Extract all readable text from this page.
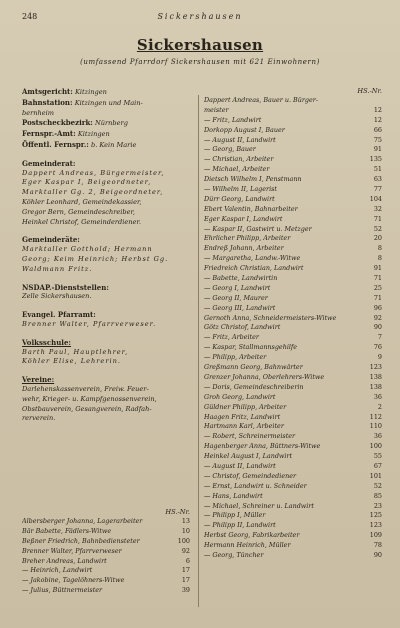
248	Sickershausen
Sickershausen
(umfassend Pfarrdorf Sickershausen mit 621 Einwohnern)
Amtsgericht: Kitzingen
Bahnstation: Kitzingen und Main-
bernheim
Postscheckbezirk: Nürnberg
Fernspr.-Amt: Kitzingen
Öffentl. Fernspr.: b. Kein Marie
Gemeinderat:
Dappert Andreas, Bürgermeister,
Eger Kaspar I, Beigeordneter,
Marktaller Gg. 2, Beigeordneter,
Köhler Leonhard, Gemeindekassier,
Gregor Bern, Gemeindeschreiber,
Heinkel Christof, Gemeinderdiener.
Gemeinderäte:
Marktaller Gotthold; Hermann
Georg; Keim Heinrich; Herbst Gg.
Waldmann Fritz.
NSDAP.-Dienststellen:
Zelle Sickershausen.
Evangel. Pfarramt:
Brenner Walter, Pfarrverweser.
Volksschule:
Barth Paul, Hauptlehrer,
Köhler Elise, Lehrerin.
Vereine:
Darlehenskassenverein, Freiw. Feuer-
wehr, Krieger- u. Kampfgenossenverein,
Obstbauverein, Gesangverein, Radfah-
rerverein.
HS.-Nr.
Dappert Andreas, Bauer u. Bürger-
meister	12
— Fritz, Landwirt	12
Dorkopp August I, Bauer	66
— August II, Landwirt	75
— Georg, Bauer	91
— Christian, Arbeiter	135
— Michael, Arbeiter	51
Dietsch Wilhelm I, Penstmann	63
— Wilhelm II, Lagerist	77
Dürr Georg, Landwirt	104
Ebert Valentin, Bahnarbeiter	32
Eger Kaspar I, Landwirt	71
— Kaspar II, Gastwirt u. Metzger	52
Ehrlicher Philipp, Arbeiter	20
Endreß Johann, Arbeiter	8
— Margaretha, Landw.-Witwe	8
Friedreich Christian, Landwirt	91
— Babette, Landwirtin	71
— Georg I, Landwirt	25
— Georg II, Maurer	71
— Georg III, Landwirt	96
Gernoth Anna, Schneidermeisters-Witwe	92
Götz Christof, Landwirt	90
— Fritz, Arbeiter	7
— Kaspar, Stallmannsgehilfe	76
— Philipp, Arbeiter	9
Greßmann Georg, Bahnwärter	123
Grenzer Johanna, Oberlehrers-Witwe	138
— Doris, Gemeindeschreiberin	138
Groh Georg, Landwirt	36
Güldner Philipp, Arbeiter	2
Haagen Fritz, Landwirt	112
Hartmann Karl, Arbeiter	110
— Robert, Schreinermeister	36
Hagenberger Anna, Büttners-Witwe	100
Heinkel August I, Landwirt	55
— August II, Landwirt	67
— Christof, Gemeindediener	101
— Ernst, Landwirt u. Schneider	52
— Hans, Landwirt	85
— Michael, Schreiner u. Landwirt	23
— Philipp I, Müller	125
— Philipp II, Landwirt	123
Herbst Georg, Fabrikarbeiter	109
Hermann Heinrich, Müller	78
— Georg, Tüncher	90
HS.-Nr.
Albersberger Johanna, Lagerarbeiter	13
Bär Babette, Fädlers-Witwe	10
Beßner Friedrich, Bahnbediensteter	100
Brenner Walter, Pfarrverweser	92
Breher Andreas, Landwirt	6
— Heinrich, Landwirt	17
— Jakobine, Tagelöhners-Witwe	17
— Julius, Büttnermeister	39
